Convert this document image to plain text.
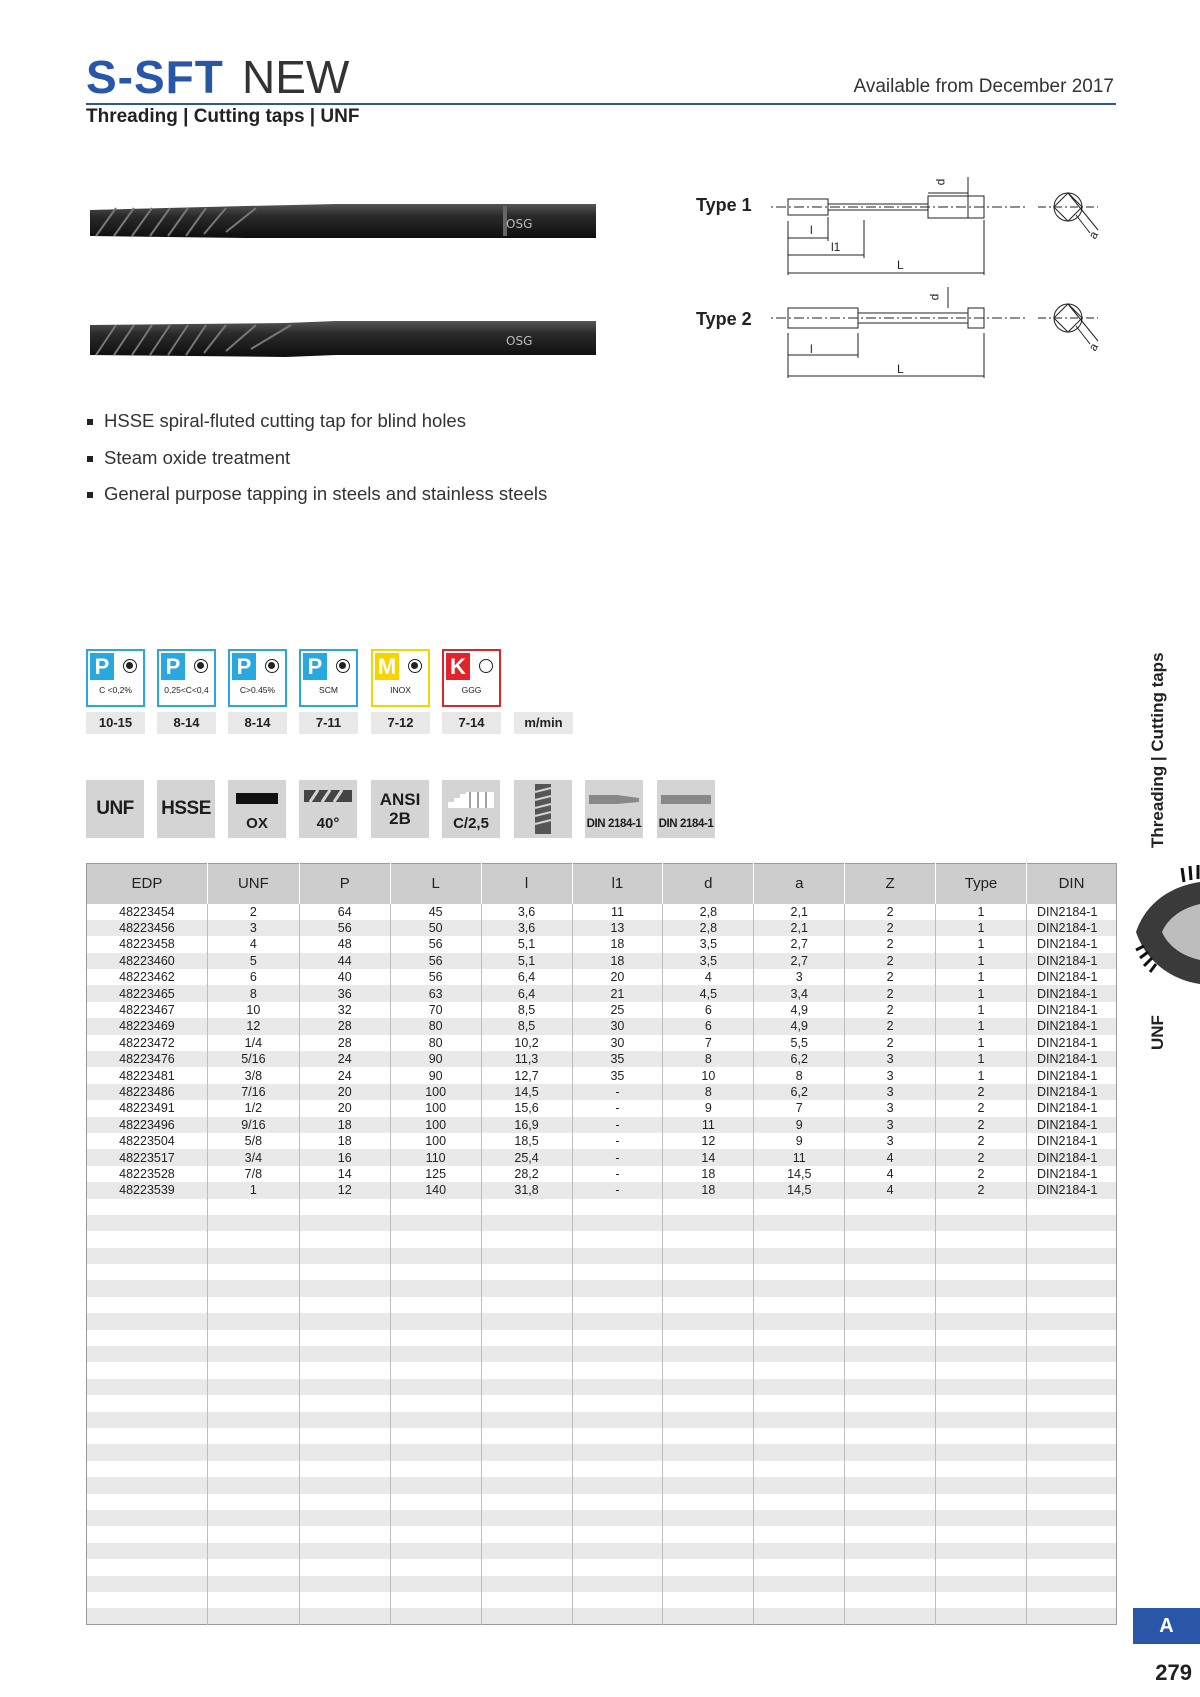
S-SFT NEW	Available from December 2017
Threading | Cutting taps | UNF
OSG
OSG
Type 1
Type 2
d
l
l1
L
a
d
l
L
a
HSSE spiral-fluted cutting tap for blind holes
Steam oxide treatment
General purpose tapping in steels and stainless steels
P
C <0,2%
P
0,25<C<0,4
P
C>0.45%
P
SCM
M
INOX
K
GGG
10-15	8-14	8-14	7-11	7-12	7-14	m/min
UNF	HSSE
OX	40°
ANSI
2B	C/2,5	DIN 2184-1 DIN 2184-1
EDP	UNF	P	L	l	l1	d	a	Z	Type	DIN
48223454	2	64	45	3,6	11	2,8	2,1	2	1	DIN2184-1
48223456	3	56	50	3,6	13	2,8	2,1	2	1	DIN2184-1
48223458	4	48	56	5,1	18	3,5	2,7	2	1	DIN2184-1
48223460	5	44	56	5,1	18	3,5	2,7	2	1	DIN2184-1
48223462	6	40	56	6,4	20	4	3	2	1	DIN2184-1
48223465	8	36	63	6,4	21	4,5	3,4	2	1	DIN2184-1
48223467	10	32	70	8,5	25	6	4,9	2	1	DIN2184-1
48223469	12	28	80	8,5	30	6	4,9	2	1	DIN2184-1
48223472	1/4	28	80	10,2	30	7	5,5	2	1	DIN2184-1
48223476	5/16	24	90	11,3	35	8	6,2	3	1	DIN2184-1
48223481	3/8	24	90	12,7	35	10	8	3	1	DIN2184-1
48223486	7/16	20	100	14,5	-	8	6,2	3	2	DIN2184-1
48223491	1/2	20	100	15,6	-	9	7	3	2	DIN2184-1
48223496	9/16	18	100	16,9	-	11	9	3	2	DIN2184-1
48223504	5/8	18	100	18,5	-	12	9	3	2	DIN2184-1
48223517	3/4	16	110	25,4	-	14	11	4	2	DIN2184-1
48223528	7/8	14	125	28,2	-	18	14,5	4	2	DIN2184-1
48223539	1	12	140	31,8	-	18	14,5	4	2	DIN2184-1

Threading | Cutting taps
UNF
A
279
